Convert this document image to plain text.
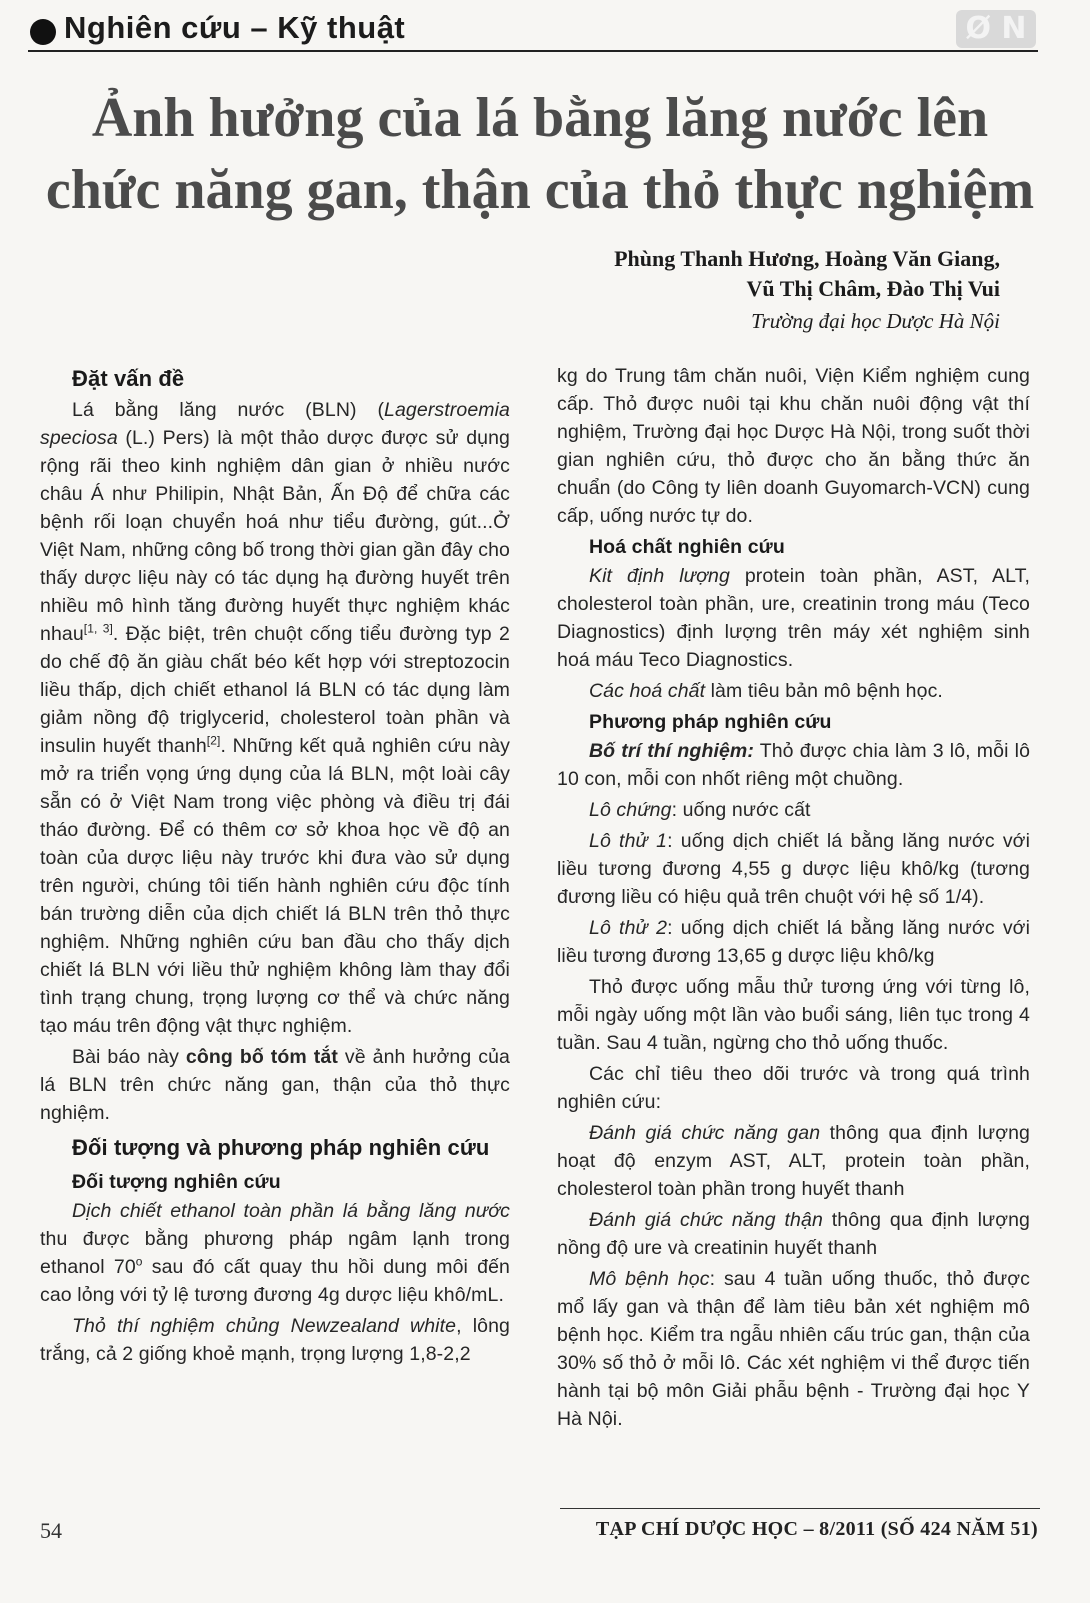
Nghiên cứu – Kỹ thuật	Ø N
Ảnh hưởng của lá bằng lăng nước lên
chức năng gan, thận của thỏ thực nghiệm
Phùng Thanh Hương, Hoàng Văn Giang,
Vũ Thị Châm, Đào Thị Vui
Trường đại học Dược Hà Nội
Đặt vấn đề

Lá bằng lăng nước (BLN) (Lagerstroemia speciosa (L.) Pers) là một thảo dược được sử dụng rộng rãi theo kinh nghiệm dân gian ở nhiều nước châu Á như Philipin, Nhật Bản, Ấn Độ để chữa các bệnh rối loạn chuyển hoá như tiểu đường, gút...Ở Việt Nam, những công bố trong thời gian gần đây cho thấy dược liệu này có tác dụng hạ đường huyết trên nhiều mô hình tăng đường huyết thực nghiệm khác nhau[1, 3]. Đặc biệt, trên chuột cống tiểu đường typ 2 do chế độ ăn giàu chất béo kết hợp với streptozocin liều thấp, dịch chiết ethanol lá BLN có tác dụng làm giảm nồng độ triglycerid, cholesterol toàn phần và insulin huyết thanh[2]. Những kết quả nghiên cứu này mở ra triển vọng ứng dụng của lá BLN, một loài cây sẵn có ở Việt Nam trong việc phòng và điều trị đái tháo đường. Để có thêm cơ sở khoa học về độ an toàn của dược liệu này trước khi đưa vào sử dụng trên người, chúng tôi tiến hành nghiên cứu độc tính bán trường diễn của dịch chiết lá BLN trên thỏ thực nghiệm. Những nghiên cứu ban đầu cho thấy dịch chiết lá BLN với liều thử nghiệm không làm thay đổi tình trạng chung, trọng lượng cơ thể và chức năng tạo máu trên động vật thực nghiệm.

Bài báo này công bố tóm tắt về ảnh hưởng của lá BLN trên chức năng gan, thận của thỏ thực nghiệm.

Đối tượng và phương pháp nghiên cứu
Đối tượng nghiên cứu

Dịch chiết ethanol toàn phần lá bằng lăng nước thu được bằng phương pháp ngâm lạnh trong ethanol 70$^o$ sau đó cất quay thu hồi dung môi đến cao lỏng với tỷ lệ tương đương 4g dược liệu khô/mL.

Thỏ thí nghiệm chủng Newzealand white, lông trắng, cả 2 giống khoẻ mạnh, trọng lượng 1,8-2,2

kg do Trung tâm chăn nuôi, Viện Kiểm nghiệm cung cấp. Thỏ được nuôi tại khu chăn nuôi động vật thí nghiệm, Trường đại học Dược Hà Nội, trong suốt thời gian nghiên cứu, thỏ được cho ăn bằng thức ăn chuẩn (do Công ty liên doanh Guyomarch-VCN) cung cấp, uống nước tự do.

Hoá chất nghiên cứu

Kit định lượng protein toàn phần, AST, ALT, cholesterol toàn phần, ure, creatinin trong máu (Teco Diagnostics) định lượng trên máy xét nghiệm sinh hoá máu Teco Diagnostics.

Các hoá chất làm tiêu bản mô bệnh học.

Phương pháp nghiên cứu

Bố trí thí nghiệm: Thỏ được chia làm 3 lô, mỗi lô 10 con, mỗi con nhốt riêng một chuồng.

Lô chứng: uống nước cất

Lô thử 1: uống dịch chiết lá bằng lăng nước với liều tương đương 4,55 g dược liệu khô/kg (tương đương liều có hiệu quả trên chuột với hệ số 1/4).

Lô thử 2: uống dịch chiết lá bằng lăng nước với liều tương đương 13,65 g dược liệu khô/kg

Thỏ được uống mẫu thử tương ứng với từng lô, mỗi ngày uống một lần vào buổi sáng, liên tục trong 4 tuần. Sau 4 tuần, ngừng cho thỏ uống thuốc.

Các chỉ tiêu theo dõi trước và trong quá trình nghiên cứu:

Đánh giá chức năng gan thông qua định lượng hoạt độ enzym AST, ALT, protein toàn phần, cholesterol toàn phần trong huyết thanh

Đánh giá chức năng thận thông qua định lượng nồng độ ure và creatinin huyết thanh

Mô bệnh học: sau 4 tuần uống thuốc, thỏ được mổ lấy gan và thận để làm tiêu bản xét nghiệm mô bệnh học. Kiểm tra ngẫu nhiên cấu trúc gan, thận của 30% số thỏ ở mỗi lô. Các xét nghiệm vi thể được tiến hành tại bộ môn Giải phẫu bệnh - Trường đại học Y Hà Nội.

54	TẠP CHÍ DƯỢC HỌC – 8/2011 (SỐ 424 NĂM 51)
